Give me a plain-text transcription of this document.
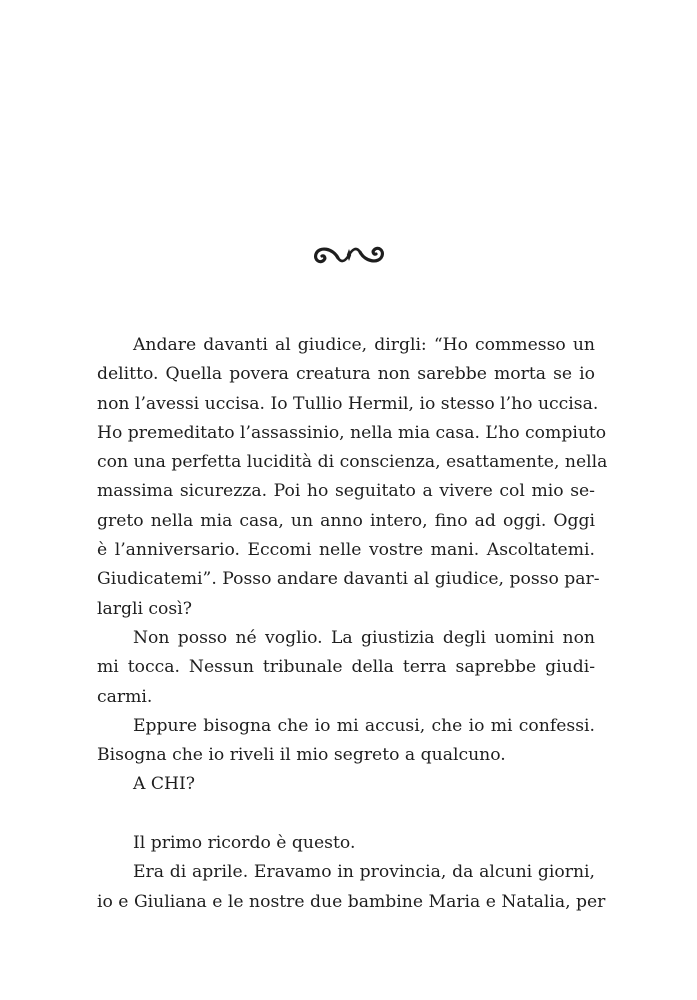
Andare davanti al giudice, dirgli: “Ho commesso un
delitto. Quella povera creatura non sarebbe morta se io
non l’avessi uccisa. Io Tullio Hermil, io stesso l’ho uccisa.
Ho premeditato l’assassinio, nella mia casa. L’ho compiuto
con una perfetta lucidità di conscienza, esattamente, nella
massima sicurezza. Poi ho seguitato a vivere col mio se-
greto nella mia casa, un anno intero, fino ad oggi. Oggi
è l’anniversario. Eccomi nelle vostre mani. Ascoltatemi.
Giudicatemi”. Posso andare davanti al giudice, posso par-
largli così?
Non posso né voglio. La giustizia degli uomini non
mi tocca. Nessun tribunale della terra saprebbe giudi-
carmi.
Eppure bisogna che io mi accusi, che io mi confessi.
Bisogna che io riveli il mio segreto a qualcuno.
A CHI?
Il primo ricordo è questo.
Era di aprile. Eravamo in provincia, da alcuni giorni,
io e Giuliana e le nostre due bambine Maria e Natalia, per
